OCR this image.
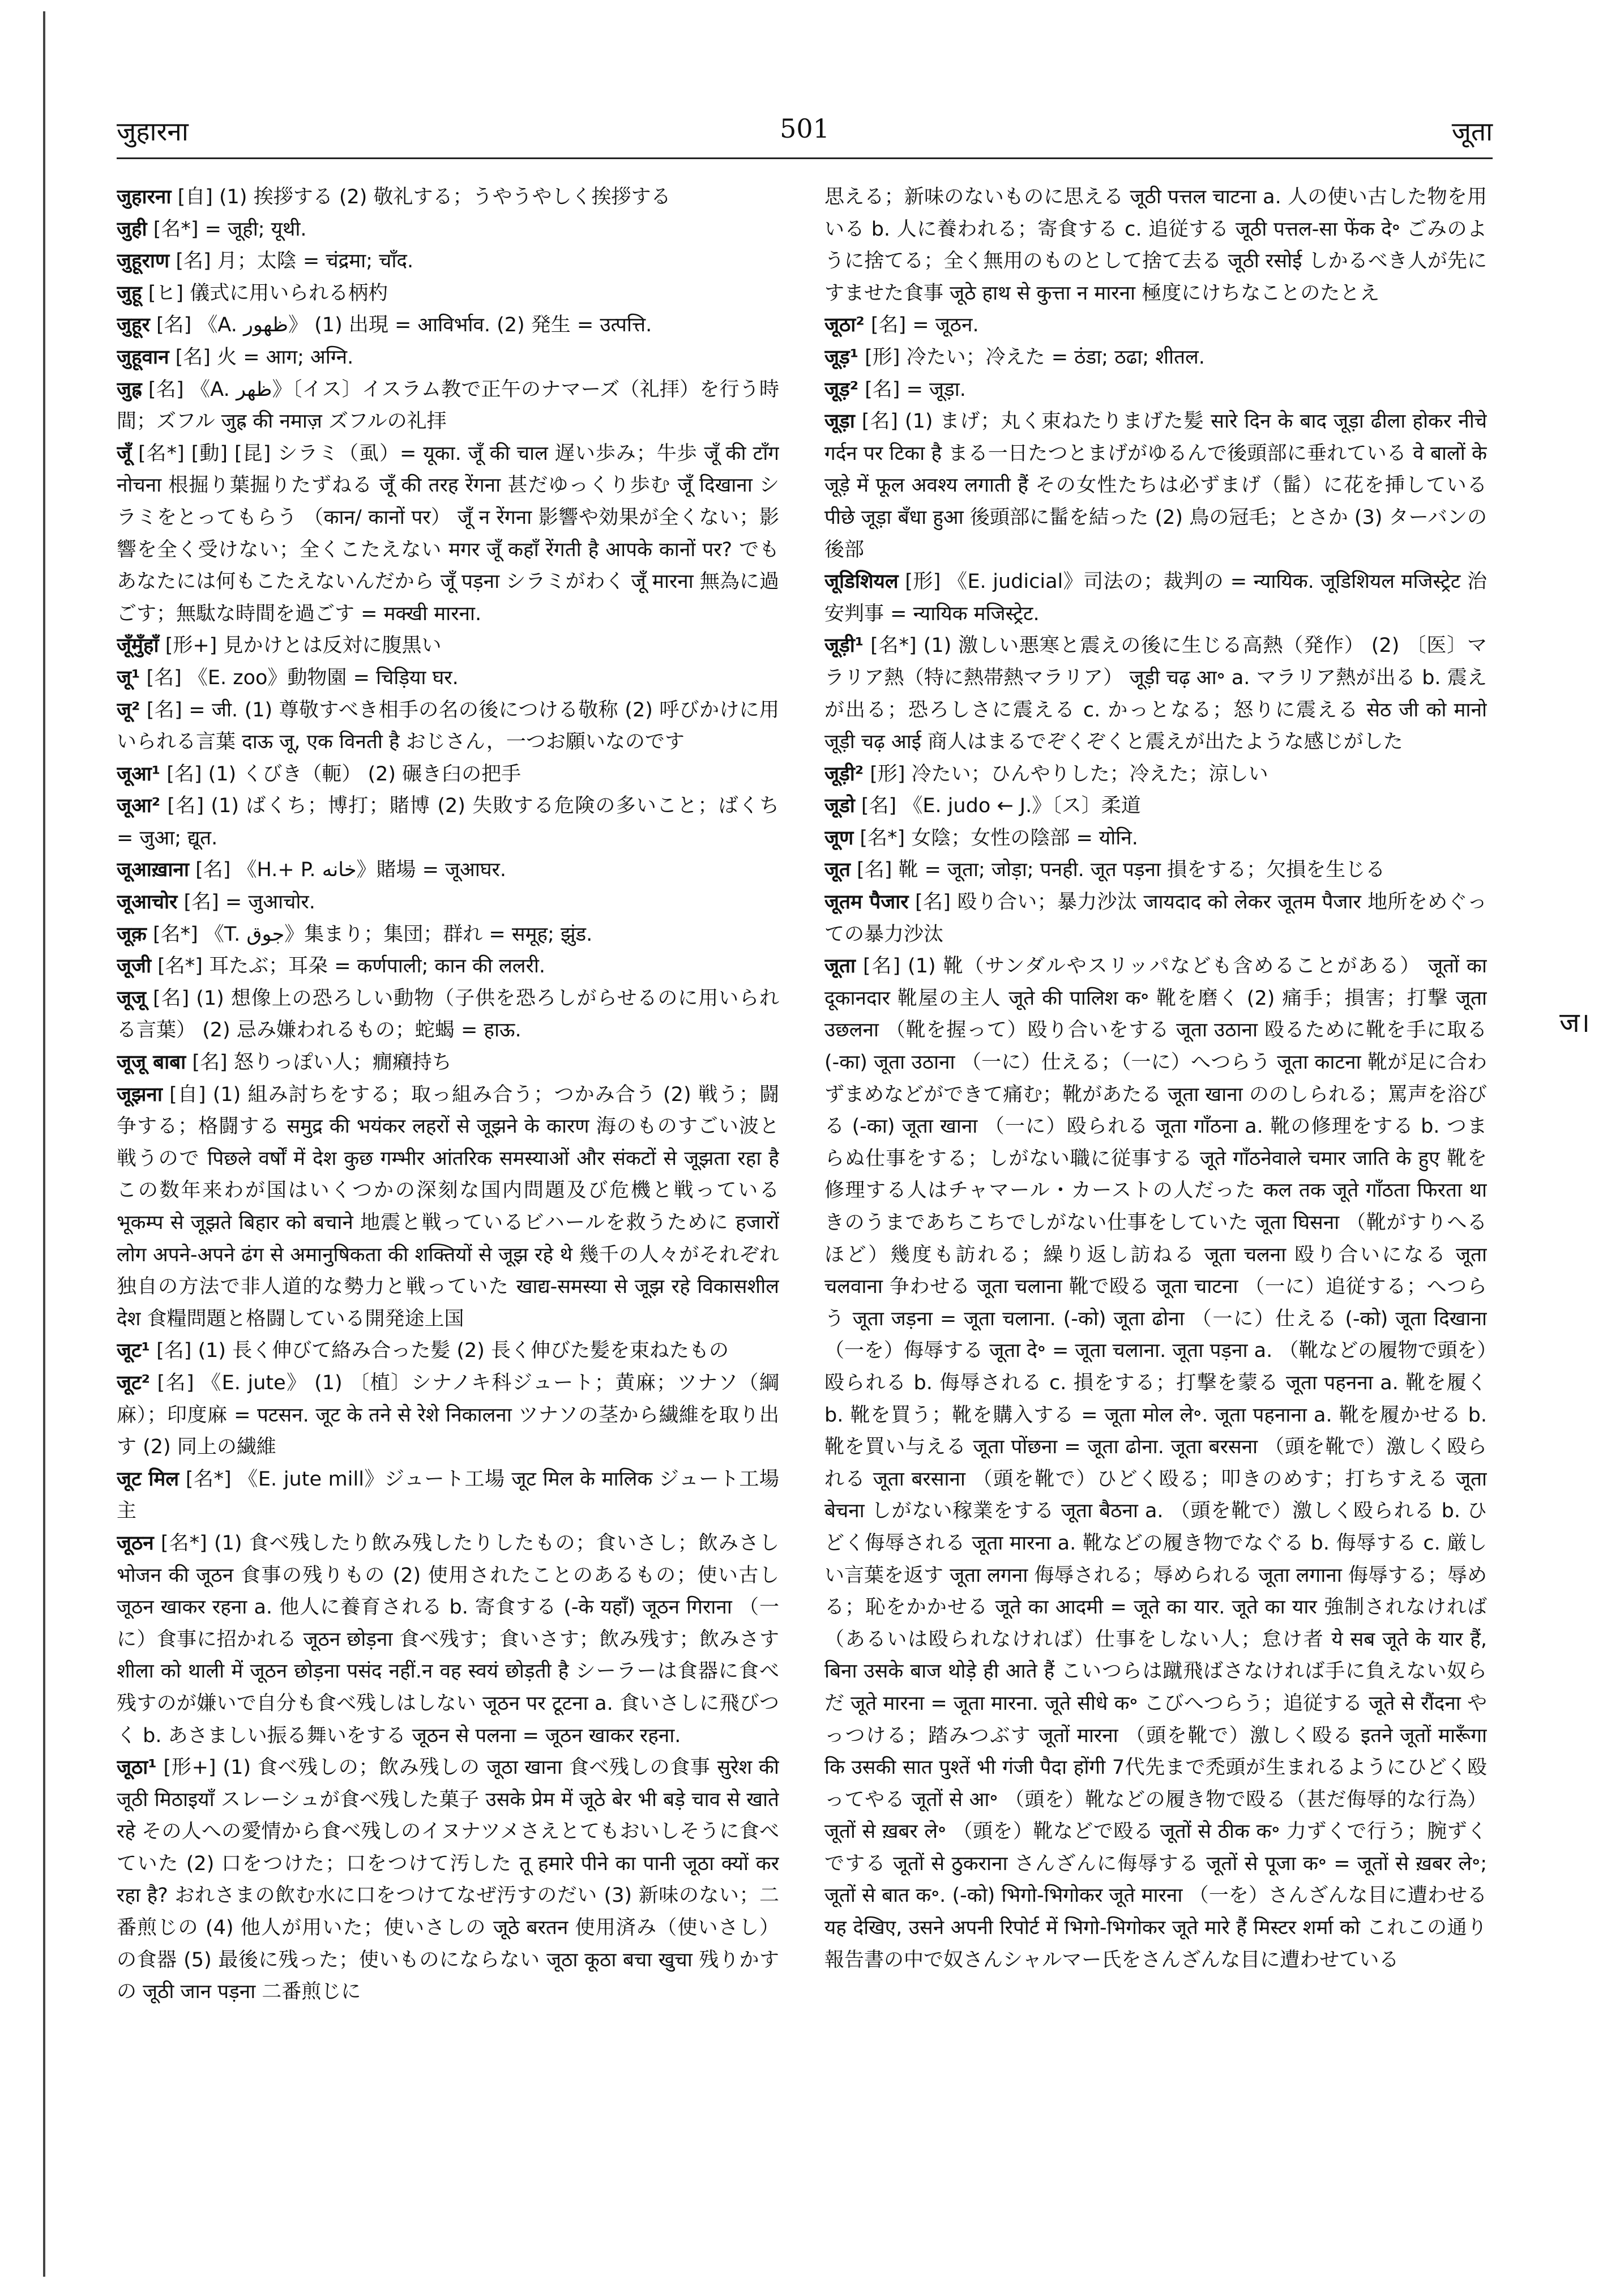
जुहारना	501	जूता

जुहारना [自] (1) 挨拶する (2) 敬礼する；うやうやしく挨拶する

जुही [名*] = जूही; यूथी.

जुहूराण [名] 月；太陰 = चंद्रमा; चाँद.

जुहू [ヒ] 儀式に用いられる柄杓

जुहूर [名] 《A. ظهور》 (1) 出現 = आविर्भाव. (2) 発生 = उत्पत्ति.

जुहूवान [名] 火 = आग; अग्नि.

जुह्र [名] 《A. ظهر》〔イス〕イスラム教で正午のナマーズ（礼拝）を行う時間；ズフル जुह्र की नमाज़ ズフルの礼拝

जूँ [名*] [動] [昆] シラミ（虱）= यूका. जूँ की चाल 遅い歩み；牛歩 जूँ की टाँग नोचना 根掘り葉掘りたずねる जूँ की तरह रेंगना 甚だゆっくり歩む जूँ दिखाना シラミをとってもらう （कान/ कानों पर） जूँ न रेंगना 影響や効果が全くない；影響を全く受けない；全くこたえない मगर जूँ कहाँ रेंगती है आपके कानों पर? でもあなたには何もこたえないんだから जूँ पड़ना シラミがわく जूँ मारना 無為に過ごす；無駄な時間を過ごす = मक्खी मारना.

जूँमुँहाँ [形+] 見かけとは反対に腹黒い

जू¹ [名] 《E. zoo》動物園 = चिड़िया घर.

जू² [名] = जी. (1) 尊敬すべき相手の名の後につける敬称 (2) 呼びかけに用いられる言葉 दाऊ जू, एक विनती है おじさん，一つお願いなのです

जूआ¹ [名] (1) くびき（軛） (2) 碾き臼の把手

जूआ² [名] (1) ばくち；博打；賭博 (2) 失敗する危険の多いこと；ばくち = जुआ; द्यूत.

जूआख़ाना [名] 《H.+ P. خانه》賭場 = जूआघर.

जूआचोर [名] = जुआचोर.

जूक़ [名*] 《T. جوق》集まり；集団；群れ = समूह; झुंड.

जूजी [名*] 耳たぶ；耳朶 = कर्णपाली; कान की ललरी.

जूजू [名] (1) 想像上の恐ろしい動物（子供を恐ろしがらせるのに用いられる言葉） (2) 忌み嫌われるもの；蛇蝎 = हाऊ.

जूजू बाबा [名] 怒りっぽい人；癇癪持ち

जूझना [自] (1) 組み討ちをする；取っ組み合う；つかみ合う (2) 戦う；闘争する；格闘する समुद्र की भयंकर लहरों से जूझने के कारण 海のものすごい波と戦うので पिछले वर्षों में देश कुछ गम्भीर आंतरिक समस्याओं और संकटों से जूझता रहा है この数年来わが国はいくつかの深刻な国内問題及び危機と戦っている भूकम्प से जूझते बिहार को बचाने 地震と戦っているビハールを救うために हजारों लोग अपने-अपने ढंग से अमानुषिकता की शक्तियों से जूझ रहे थे 幾千の人々がそれぞれ独自の方法で非人道的な勢力と戦っていた खाद्य-समस्या से जूझ रहे विकासशील देश 食糧問題と格闘している開発途上国

जूट¹ [名] (1) 長く伸びて絡み合った髪 (2) 長く伸びた髪を束ねたもの

जूट² [名] 《E. jute》 (1) 〔植〕シナノキ科ジュート；黄麻；ツナソ（綱麻）；印度麻 = पटसन. जूट के तने से रेशे निकालना ツナソの茎から繊維を取り出す (2) 同上の繊維

जूट मिल [名*] 《E. jute mill》ジュート工場 जूट मिल के मालिक ジュート工場主

जूठन [名*] (1) 食べ残したり飲み残したりしたもの；食いさし；飲みさし भोजन की जूठन 食事の残りもの (2) 使用されたことのあるもの；使い古し जूठन खाकर रहना a. 他人に養育される b. 寄食する (-के यहाँ) जूठन गिराना （一に）食事に招かれる जूठन छोड़ना 食べ残す；食いさす；飲み残す；飲みさす शीला को थाली में जूठन छोड़ना पसंद नहीं.न वह स्वयं छोड़ती है シーラーは食器に食べ残すのが嫌いで自分も食べ残しはしない जूठन पर टूटना a. 食いさしに飛びつく b. あさましい振る舞いをする जूठन से पलना = जूठन खाकर रहना.

जूठा¹ [形+] (1) 食べ残しの；飲み残しの जूठा खाना 食べ残しの食事 सुरेश की जूठी मिठाइयाँ スレーシュが食べ残した菓子 उसके प्रेम में जूठे बेर भी बड़े चाव से खाते रहे その人への愛情から食べ残しのイヌナツメさえとてもおいしそうに食べていた (2) 口をつけた；口をつけて汚した तू हमारे पीने का पानी जूठा क्यों कर रहा है? おれさまの飲む水に口をつけてなぜ汚すのだい (3) 新味のない；二番煎じの (4) 他人が用いた；使いさしの जूठे बरतन 使用済み（使いさし）の食器 (5) 最後に残った；使いものにならない जूठा कूठा बचा खुचा 残りかすの जूठी जान पड़ना 二番煎じに

思える；新味のないものに思える जूठी पत्तल चाटना a. 人の使い古した物を用いる b. 人に養われる；寄食する c. 追従する जूठी पत्तल-सा फेंक दे॰ ごみのように捨てる；全く無用のものとして捨て去る जूठी रसोई しかるべき人が先にすませた食事 जूठे हाथ से कुत्ता न मारना 極度にけちなことのたとえ

जूठा² [名] = जूठन.

जूड़¹ [形] 冷たい；冷えた = ठंडा; ठढा; शीतल.

जूड़² [名] = जूड़ा.

जूड़ा [名] (1) まげ；丸く束ねたりまげた髪 सारे दिन के बाद जूड़ा ढीला होकर नीचे गर्दन पर टिका है まる一日たつとまげがゆるんで後頭部に垂れている वे बालों के जूड़े में फूल अवश्य लगाती हैं その女性たちは必ずまげ（髷）に花を挿している पीछे जूड़ा बँधा हुआ 後頭部に髷を結った (2) 鳥の冠毛；とさか (3) ターバンの後部

जूडिशियल [形] 《E. judicial》司法の；裁判の = न्यायिक. जूडिशियल मजिस्ट्रेट 治安判事 = न्यायिक मजिस्ट्रेट.

जूड़ी¹ [名*] (1) 激しい悪寒と震えの後に生じる高熱（発作） (2) 〔医〕マラリア熱（特に熱帯熱マラリア） जूड़ी चढ़ आ॰ a. マラリア熱が出る b. 震えが出る；恐ろしさに震える c. かっとなる；怒りに震える सेठ जी को मानो जूड़ी चढ़ आई 商人はまるでぞくぞくと震えが出たような感じがした

जूड़ी² [形] 冷たい；ひんやりした；冷えた；涼しい

जूडो [名] 《E. judo ← J.》〔ス〕柔道

जूण [名*] 女陰；女性の陰部 = योनि.

जूत [名] 靴 = जूता; जोड़ा; पनही. जूत पड़ना 損をする；欠損を生じる

जूतम पैजार [名] 殴り合い；暴力沙汰 जायदाद को लेकर जूतम पैजार 地所をめぐっての暴力沙汰

जूता [名] (1) 靴（サンダルやスリッパなども含めることがある） जूतों का दूकानदार 靴屋の主人 जूते की पालिश क॰ 靴を磨く (2) 痛手；損害；打撃 जूता उछलना （靴を握って）殴り合いをする जूता उठाना 殴るために靴を手に取る (-का) जूता उठाना （一に）仕える；（一に）へつらう जूता काटना 靴が足に合わずまめなどができて痛む；靴があたる जूता खाना ののしられる；罵声を浴びる (-का) जूता खाना （一に）殴られる जूता गाँठना a. 靴の修理をする b. つまらぬ仕事をする；しがない職に従事する जूते गाँठनेवाले चमार जाति के हुए 靴を修理する人はチャマール・カーストの人だった कल तक जूते गाँठता फिरता था きのうまであちこちでしがない仕事をしていた जूता घिसना （靴がすりへるほど）幾度も訪れる；繰り返し訪ねる जूता चलना 殴り合いになる जूता चलवाना 争わせる जूता चलाना 靴で殴る जूता चाटना （一に）追従する；へつらう जूता जड़ना = जूता चलाना. (-को) जूता ढोना （一に）仕える (-को) जूता दिखाना （一を）侮辱する जूता दे॰ = जूता चलाना. जूता पड़ना a. （靴などの履物で頭を）殴られる b. 侮辱される c. 損をする；打撃を蒙る जूता पहनना a. 靴を履く b. 靴を買う；靴を購入する = जूता मोल ले॰. जूता पहनाना a. 靴を履かせる b. 靴を買い与える जूता पोंछना = जूता ढोना. जूता बरसना （頭を靴で）激しく殴られる जूता बरसाना （頭を靴で）ひどく殴る；叩きのめす；打ちすえる जूता बेचना しがない稼業をする जूता बैठना a. （頭を靴で）激しく殴られる b. ひどく侮辱される जूता मारना a. 靴などの履き物でなぐる b. 侮辱する c. 厳しい言葉を返す जूता लगना 侮辱される；辱められる जूता लगाना 侮辱する；辱める；恥をかかせる जूते का आदमी = जूते का यार. जूते का यार 強制されなければ（あるいは殴られなければ）仕事をしない人；怠け者 ये सब जूते के यार हैं, बिना उसके बाज थोड़े ही आते हैं こいつらは蹴飛ばさなければ手に負えない奴らだ जूते मारना = जूता मारना. जूते सीधे क॰ こびへつらう；追従する जूते से रौंदना やっつける；踏みつぶす जूतों मारना （頭を靴で）激しく殴る इतने जूतों मारूँगा कि उसकी सात पुश्तें भी गंजी पैदा होंगी 7代先まで禿頭が生まれるようにひどく殴ってやる जूतों से आ॰ （頭を）靴などの履き物で殴る（甚だ侮辱的な行為） जूतों से ख़बर ले॰ （頭を）靴などで殴る जूतों से ठीक क॰ 力ずくで行う；腕ずくでする जूतों से ठुकराना さんざんに侮辱する जूतों से पूजा क॰ = जूतों से ख़बर ले॰; जूतों से बात क॰. (-को) भिगो-भिगोकर जूते मारना （一を）さんざんな目に遭わせる यह देखिए, उसने अपनी रिपोर्ट में भिगो-भिगोकर जूते मारे हैं मिस्टर शर्मा को これこの通り報告書の中で奴さんシャルマー氏をさんざんな目に遭わせている

ज।
